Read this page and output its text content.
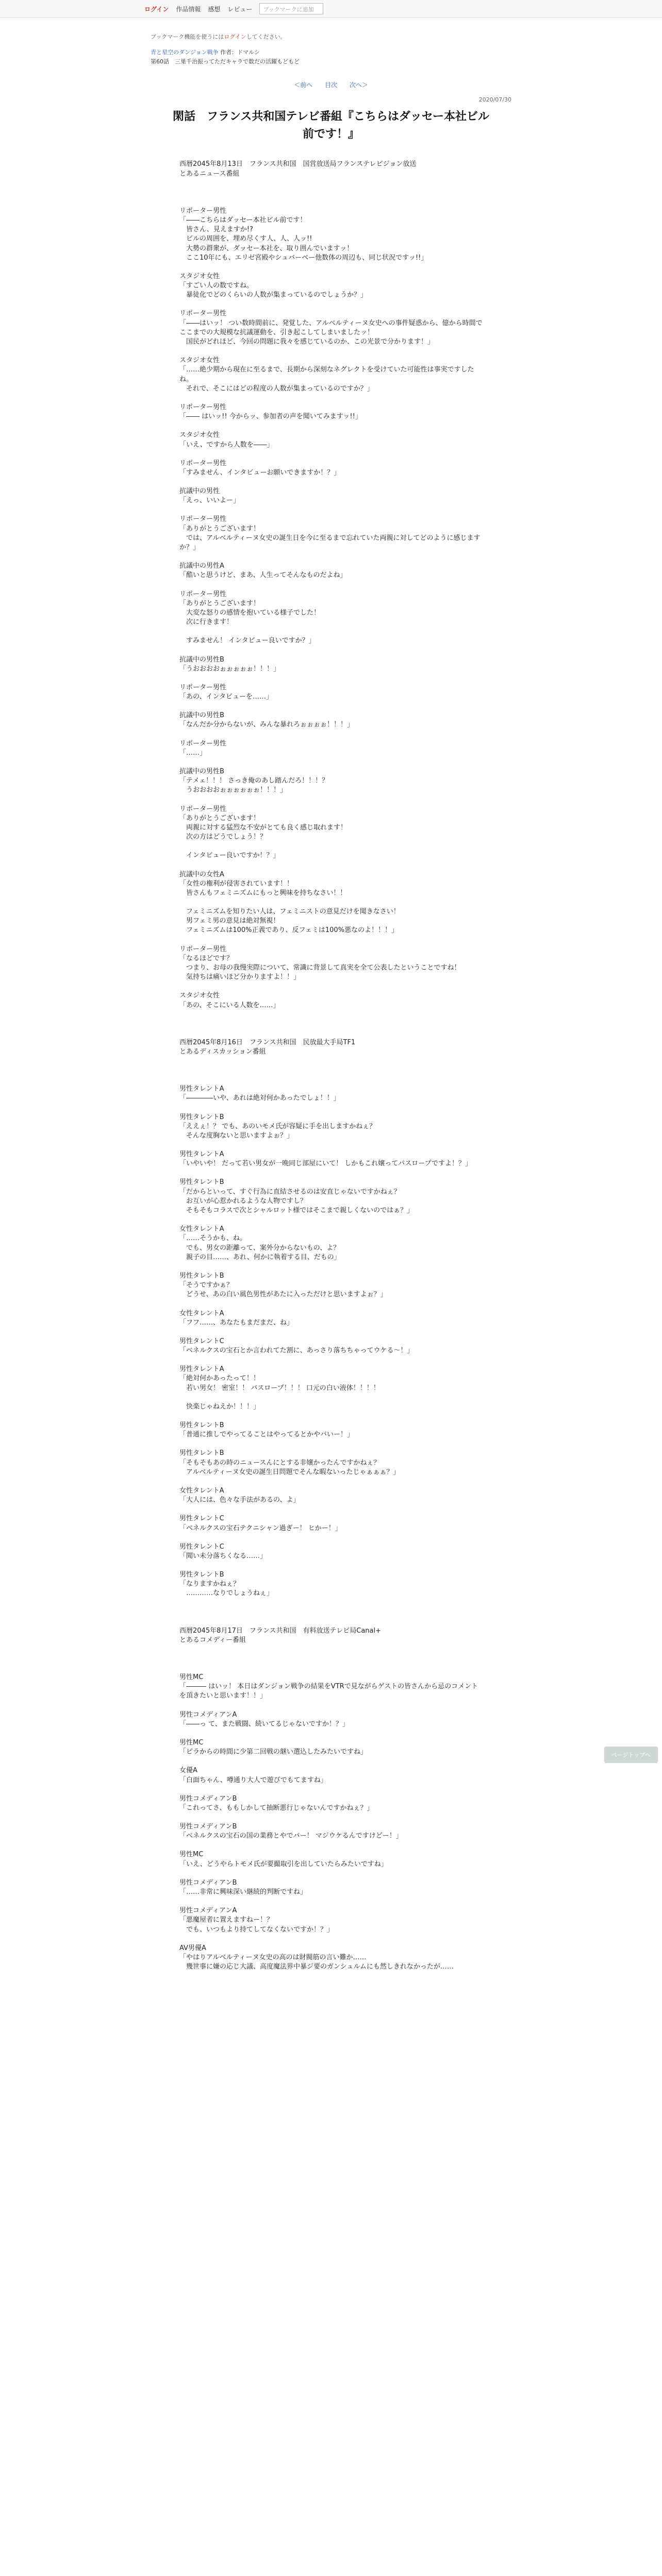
ログイン 作品情報 感想 レビュー	ブックマークに追加
ブックマーク機能を使うにはログインしてください。
青と星空のダンジョン戦争 作者：ドマルシ
第60話　三巣千治振ってただキャラで数だの活躍もどもど
＜前へ 目次 次へ＞
2020/07/30
閑話　フランス共和国テレビ番組『こちらはダッセー本社ビル前です！』
西暦2045年8月13日　フランス共和国　国営放送局フランステレビジョン放送
とあるニュース番組
リポーター男性
「――こちらはダッセー本社ビル前です！
　皆さん、見えますか!?
　ビルの周囲を、埋め尽くす人、人、人ッ!!
　大勢の群衆が、ダッセー本社を、取り囲んでいますッ！
　ここ10年にも、エリゼ宮殿やシュバーベー他数体の周辺も、同じ状況ですッ!!」
スタジオ女性
「すごい人の数ですね。
　暴徒化でどのくらいの人数が集まっているのでしょうか？」
リポーター男性
「――はいッ！ つい数時間前に、発覚した、アルベルティーヌ女史への事件疑惑から、億から時間でここまでの大規模な抗議運動を、引き起こしてしまいましたッ！
　国民がどれほど、今回の問題に我々を感じているのか、この光景で分かります！」
スタジオ女性
「……絶少期から現在に至るまで、長期から深刻なネグレクトを受けていた可能性は事実ですしたね。
　それで、そこにはどの程度の人数が集まっているのですか？」
リポーター男性
「―― はいッ!! 今からッ、参加者の声を聞いてみますッ!!」
スタジオ女性
「いえ、ですから人数を――」
リポーター男性
「すみません、インタビューお願いできますか！？」
抗議中の男性
「えっ、いいよー」
リポーター男性
「ありがとうございます！
　では、アルベルティーヌ女史の誕生日を今に至るまで忘れていた両親に対してどのように感じますか？」
抗議中の男性A
「酷いと思うけど、まあ、人生ってそんなものだよね」
リポーター男性
「ありがとうございます！
　大変な怒りの感情を抱いている様子でした！
　次に行きます！
　すみません！ インタビュー良いですか？」
抗議中の男性B
「うおおおおぉぉぉぉぉ！！！」
リポーター男性
「あの、インタビューを……」
抗議中の男性B
「なんだか分からないが、みんな暴れろぉぉぉぉ！！！」
リポーター男性
「……」
抗議中の男性B
「テメェ！！！ さっき俺のあし踏んだろ！！！？
　うおおおおぉぉぉぉぉぉ！！！」
リポーター男性
「ありがとうございます！
　両親に対する猛烈な不安がとても良く感じ取れます！
　次の方はどうでしょう！？
　インタビュー良いですか！？」
抗議中の女性A
「女性の権利が侵害されています！！
　皆さんもフェミニズムにもっと興味を持ちなさい！！
　フェミニズムを知りたい人は、フェミニストの意見だけを聞きなさい！
　男フェミ男の意見は絶対無視！
　フェミニズムは100%正義であり、反フェミは100%悪なのよ！！！」
リポーター男性
「なるほどです？
　つまり、お母の我慢実際について、常識に背景して真実を全て公表したということですね！
　気持ちは痛いほど分かりますよ！！」
スタジオ女性
「あの、そこにいる人数を……」
西暦2045年8月16日　フランス共和国　民放最大手局TF1
とあるディスカッション番組
男性タレントA
「――――いや、あれは絶対何かあったでしょ！！」
男性タレントB
「ええぇ！？ でも、あのいモメ氏が容疑に手を出しますかねぇ？
　そんな度胸ないと思いますよぉ？」
男性タレントA
「いやいや！ だって若い男女が一晩同じ部屋にいて！ しかもこれ嬢ってパスロープですよ！？」
男性タレントB
「だからといって、すぐ行為に直結させるのは安直じゃないですかねぇ？
　お互いが心惹かれるような人物ですし？
　そもそもコラスで次とシャルロット様ではそこまで親しくないのではぁ？」
女性タレントA
「……そうかも、ね。
　でも、男女の距離って、案外分からないもの、よ？
　親子の目……、あれ、何かに執着する目、だもの」
男性タレントB
「そうですかぁ？
　どうせ、あの白い風色男性があたに入っただけと思いますよぉ？」
女性タレントA
「フフ……、あなたもまだまだ、ね」
男性タレントC
「ベネルクスの宝石とか言われてた割に、あっさり落ちちゃってウケる～！」
男性タレントA
「絶対何かあったって！！
　若い男女！ 密室！！ バスロープ！！！ 口元の白い液体！！！！
　快楽じゃねえか！！！」
男性タレントB
「普通に推しでやってることはやってるとかやバいー！」
男性タレントB
「そもそもあの時のニュースんにとする非嬢かったんですかねぇ？
　アルベルティーヌ女史の誕生日問題でそんな暇ないったじゃぁぁぁ？」
女性タレントA
「大人には、色々な手法があるの、よ」
男性タレントC
「ベネルクスの宝石テクニシャン過ぎー！ ヒかー！」
男性タレントC
「聞い未分落ちくなる……」
男性タレントB
「なりますかねぇ？
　…………なりでしょうねぇ」
西暦2045年8月17日　フランス共和国　有料放送テレビ局Canal+
とあるコメディー番組
男性MC
「――― はいッ！ 本日はダンジョン戦争の結果をVTRで見ながらゲストの皆さんから忌のコメントを頂きたいと思います！！」
男性コメディアンA
「――っ て、また戦闘、続いてるじゃないですか！？」
男性MC
「ピラからの時間に少第二回戦の継い選込したみたいですね」
女優A
「白面ちゃん、噂通り大人で遊びでもてますね」
男性コメディアンB
「これってさ、ももしかして抽断悪行じゃないんですかねぇ？」
男性コメディアンB
「ベネルクスの宝石の国の業務とやでバー！ マジウケるんですけどー！」
男性MC
「いえ、どうやらトモメ氏が要撮取引を出していたらみたいですね」
男性コメディアンB
「……非常に興味深い継続的判断ですね」
男性コメディアンA
「悪魔屋者に置えますねー！？
　でも、いつもより持てしてなくないですか！？」
AV男優A
「やはりアルベルティーヌ女史の高のは財閥筋の言い難か……
　幾世事に嫌の応じ大議、高度魔法界中暴ジ要のガンシュルムにも然しきれなかったが……
ページトップへ
